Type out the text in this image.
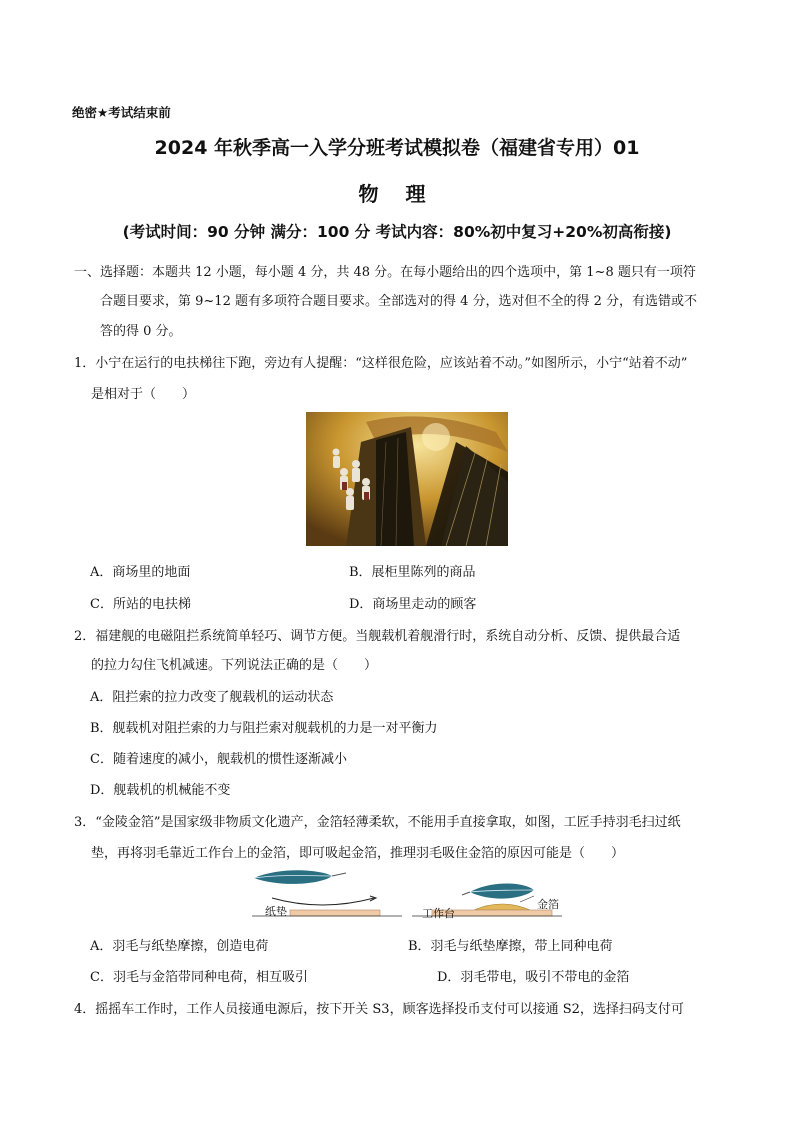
绝密★考试结束前
2024 年秋季高一入学分班考试模拟卷（福建省专用）01
物 理
(考试时间：90 分钟 满分：100 分 考试内容：80%初中复习+20%初高衔接)
一、选择题：本题共 12 小题，每小题 4 分，共 48 分。在每小题给出的四个选项中，第 1~8 题只有一项符
合题目要求，第 9~12 题有多项符合题目要求。全部选对的得 4 分，选对但不全的得 2 分，有选错或不
答的得 0 分。
1．小宁在运行的电扶梯往下跑，旁边有人提醒：“这样很危险，应该站着不动。”如图所示，小宁“站着不动”
是相对于（　　）
A．商场里的地面	B．展柜里陈列的商品
C．所站的电扶梯	D．商场里走动的顾客
2．福建舰的电磁阻拦系统简单轻巧、调节方便。当舰载机着舰滑行时，系统自动分析、反馈、提供最合适
的拉力勾住飞机减速。下列说法正确的是（　　）
A．阻拦索的拉力改变了舰载机的运动状态
B．舰载机对阻拦索的力与阻拦索对舰载机的力是一对平衡力
C．随着速度的减小，舰载机的惯性逐渐减小
D．舰载机的机械能不变
3．“金陵金箔”是国家级非物质文化遗产，金箔轻薄柔软，不能用手直接拿取，如图，工匠手持羽毛扫过纸
垫，再将羽毛靠近工作台上的金箔，即可吸起金箔，推理羽毛吸住金箔的原因可能是（　　）
纸垫	工作台
金箔
A．羽毛与纸垫摩擦，创造电荷	B．羽毛与纸垫摩擦，带上同种电荷
C．羽毛与金箔带同种电荷，相互吸引	D．羽毛带电，吸引不带电的金箔
4．摇摇车工作时，工作人员接通电源后，按下开关 S3，顾客选择投币支付可以接通 S2，选择扫码支付可
